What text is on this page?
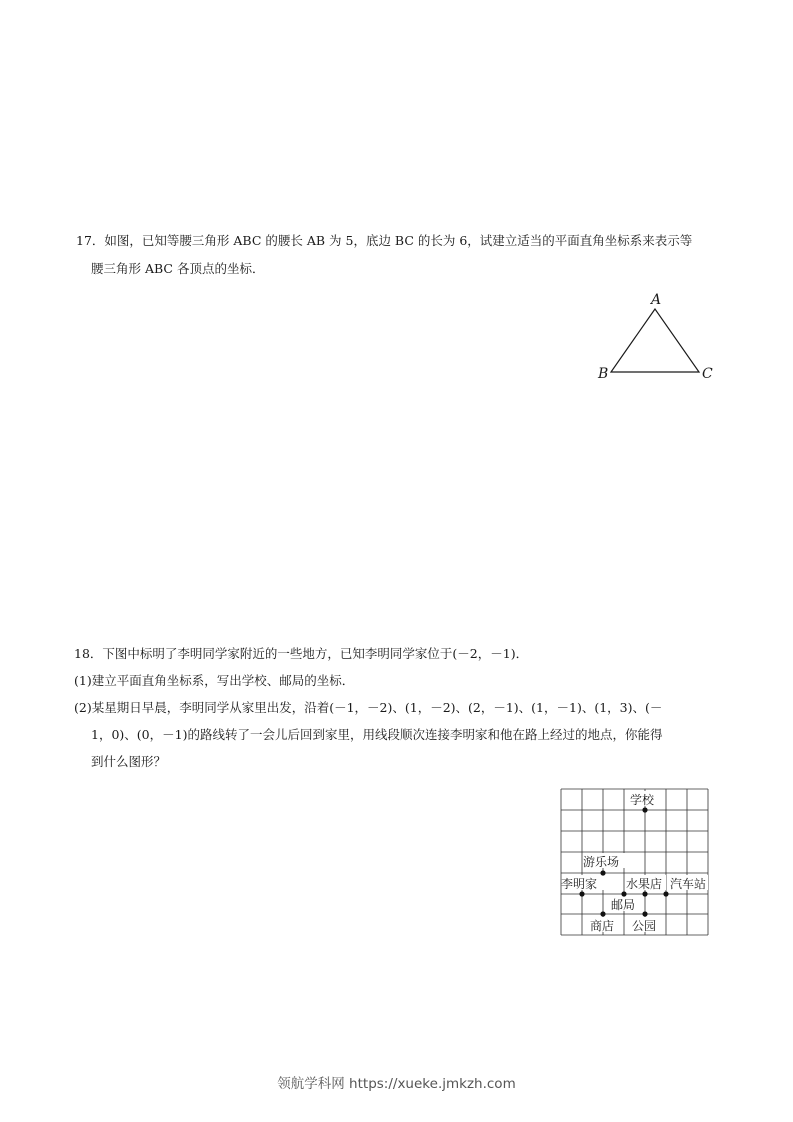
17．如图，已知等腰三角形 ABC 的腰长 AB 为 5，底边 BC 的长为 6，试建立适当的平面直角坐标系来表示等
腰三角形 ABC 各顶点的坐标．
A
B	C
学校
游乐场
李明家 水果店 汽车站
邮局
商店 公园
18．下图中标明了李明同学家附近的一些地方，已知李明同学家位于(－2，－1)．
(1)建立平面直角坐标系，写出学校、邮局的坐标．
(2)某星期日早晨，李明同学从家里出发，沿着(－1，－2)、(1，－2)、(2，－1)、(1，－1)、(1，3)、(－
1，0)、(0，－1)的路线转了一会儿后回到家里，用线段顺次连接李明家和他在路上经过的地点，你能得
到什么图形？
领航学科网 https://xueke.jmkzh.com
